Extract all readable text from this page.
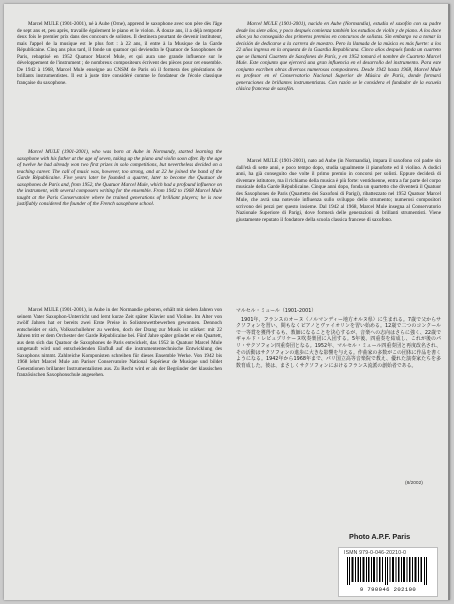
Marcel MULE (1901-2001), né à Aube (Orne), apprend le saxophone avec son père dès l'âge de sept ans et, peu après, travaille également le piano et le violon. À douze ans, il a déjà remporté deux fois le premier prix dans des concours de solistes. Il destinera pourtant de devenir instituteur, mais l'appel de la musique est le plus fort : à 22 ans, il entre à la Musique de la Garde Républicaine. Cinq ans plus tard, il fonde un quatuor qui deviendra le Quatuor de Saxophones de Paris, rebaptisé en 1952 Quatuor Marcel Mule, et qui aura une grande influence sur le développement de l'instrument ; de nombreux compositeurs écrivent des pièces pour cet ensemble. De 1942 à 1968, Marcel Mule enseigne au CNSM de Paris où il formera des générations de brillants instrumentistes. Il est à juste titre considéré comme le fondateur de l'école classique française du saxophone.

Marcel MULE (1901-2001), who was born at Aube in Normandy, started learning the saxophone with his father at the age of seven, taking up the piano and violin soon after. By the age of twelve he had already won two first prizes in solo competitions, but nevertheless decided on a teaching career. The call of music was, however, too strong, and at 22 he joined the band of the Garde Républicaine. Five years later he founded a quartet, later to become the Quatuor de saxophones de Paris and, from 1952, the Quatuor Marcel Mule, which had a profound influence on the instrument, with several composers writing for the ensemble. From 1942 to 1968 Marcel Mule taught at the Paris Conservatoire where he trained generations of brilliant players; he is now justifiably considered the founder of the French saxophone school.

Marcel MULE (1901-2001), in Aube in der Normandie geboren, erhält mit sieben Jahren von seinem Vater Saxophon-Unterricht und lernt kurze Zeit später Klavier und Violine. Im Alter von zwölf Jahren hat er bereits zwei Erste Preise in Solistenwettbewerben gewonnen. Dennoch entscheidet er sich, Volksschullehrer zu werden, doch der Drang zur Musik ist stärker: mit 22 Jahren tritt er dem Orchester der Garde Républicaine bei. Fünf Jahre später gründet er ein Quartett, aus dem sich das Quatuor de Saxophones de Paris entwickelt, das 1952 in Quatuor Marcel Mule umgetauft wird und entscheidenden Einfluß auf die instrumententechnische Entwicklung des Saxophons nimmt. Zahlreiche Komponisten schreiben für dieses Ensemble Werke. Von 1942 bis 1968 lehrt Marcel Mule am Pariser Conservatoire National Supérieur de Musique und bildet Generationen brillanter Instrumentalisten aus. Zu Recht wird er als der Begründer der klassischen französischen Saxophonschule angesehen.

Marcel MULE (1901-2001), nacido en Aube (Normandía), estudia el saxofón con su padre desde los siete años, y poco después comienza también los estudios de violín y de piano. A los doce años ya ha conseguido dos primeros premios en concursos de solistas. Sin embargo va a tomar la decisión de dedicarse a la carrera de maestro. Pero la llamada de la música es más fuerte: a los 22 años ingresa en la orquesta de la Guardia Republicana. Cinco años después funda un cuarteto que se llamará Cuarteto de Saxofones de París, y en 1952 tomará el nombre de Cuarteto Marcel Mule. Este conjunto que ejercerá una gran influencia en el desarrollo del instrumento. Para este conjunto escriben obras diversos numerosos compositores. Desde 1942 hasta 1968, Marcel Mule es profesor en el Conservatorio Nacional Superior de Música de París, donde formará generaciones de brillantes instrumentistas. Con razón se le considera el fundador de la escuela clásica francesa de saxofón.

Marcel MULE (1901-2001), nato ad Aube (in Normandia), impara il saxofono col padre sin dall'età di sette anni, e poco tempo dopo, studia ugualmente il pianoforte ed il violino. A dodici anni, ha già conseguito due volte il primo premio in concorsi per solisti. Eppure deciderà di diventare istitutore, ma il richiamo della musica è più forte: ventiduenne, entra a far parte del corpo musicale della Garde Républicaine. Cinque anni dopo, fonda un quartetto che diventerà il Quatuor des Saxophones de Paris (Quartetto dei Saxofoni di Parigi), ribattezzato nel 1952 Quatuor Marcel Mule, che avrà una notevole influenza sullo sviluppo dello strumento; numerosi compositori scrivono dei pezzi per questo insieme. Dal 1942 al 1968, Marcel Mule insegna al Conservatorio Nazionale Superiore di Parigi, dove formerà delle generazioni di brillanti strumentisti. Viene giustamente reputato il fondatore della scuola classica francese di saxofono.

マルセル・ミュール（1901-2001）

1901年、フランスのオーヌ（ノルマンディー地方オルヌ県）に生まれる。7歳で父からサクソフォンを習い、間もなくピアノとヴァイオリンを習い始める。12歳で二つのコンクールで一等賞を獲得するも、教師になることを決心するが、音楽への志向はさらに強く、22歳でギャルド・レピュブリケーヌ吹奏楽団に入団する。5年後、四重奏を結成し、これが後のパリ・サクソフォン四重奏団となる。1952年、マルセル・ミュール四重奏団と再度改名され、その活動はサクソフォンの進歩に大きな影響を与える。作曲家の多数がこの団体に作品を書くようになる。1942年から1968年まで、パリ国立高等音楽院で教え、優れた演奏家たちを多数育成した。彼は、まさしくサクソフォンにおけるフランス流派の創始者である。

(8/2002)
Photo A.P.F. Paris
ISMN 979-0-046-20210-0
9 790046 202100
